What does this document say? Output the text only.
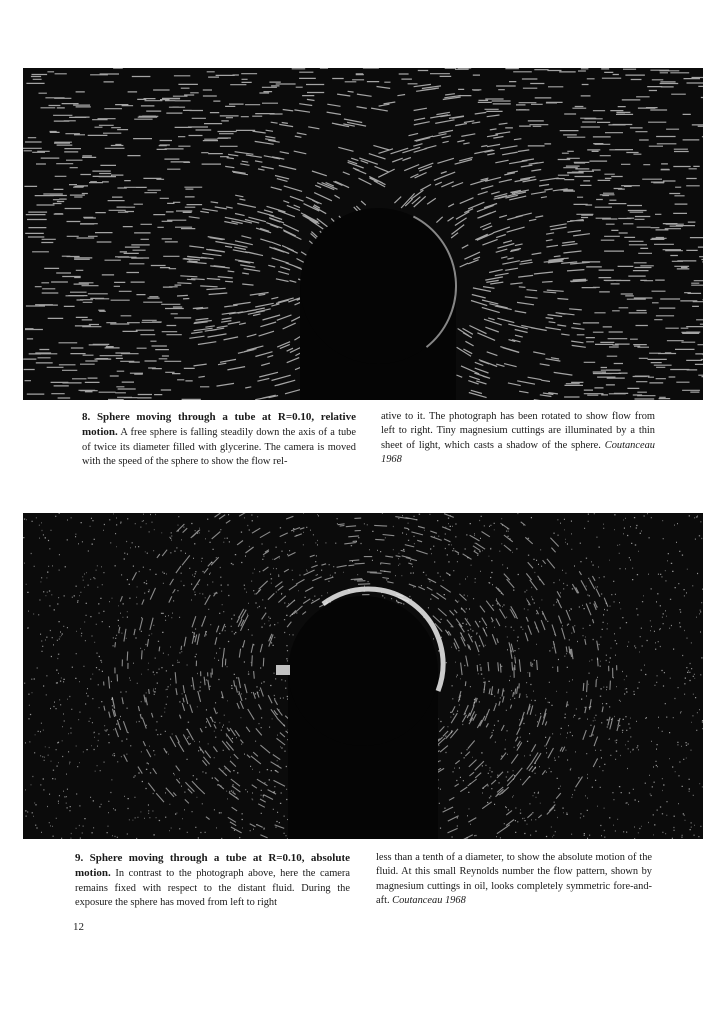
8. Sphere moving through a tube at R=0.10, relative motion. A free sphere is falling steadily down the axis of a tube of twice its diameter filled with glycerine. The camera is moved with the speed of the sphere to show the flow rel-

ative to it. The photograph has been rotated to show flow from left to right. Tiny magnesium cuttings are illuminated by a thin sheet of light, which casts a shadow of the sphere. Coutanceau 1968

9. Sphere moving through a tube at R=0.10, absolute motion. In contrast to the photograph above, here the camera remains fixed with respect to the distant fluid. During the exposure the sphere has moved from left to right

less than a tenth of a diameter, to show the absolute motion of the fluid. At this small Reynolds number the flow pattern, shown by magnesium cuttings in oil, looks completely symmetric fore-and-aft. Coutanceau 1968

12
